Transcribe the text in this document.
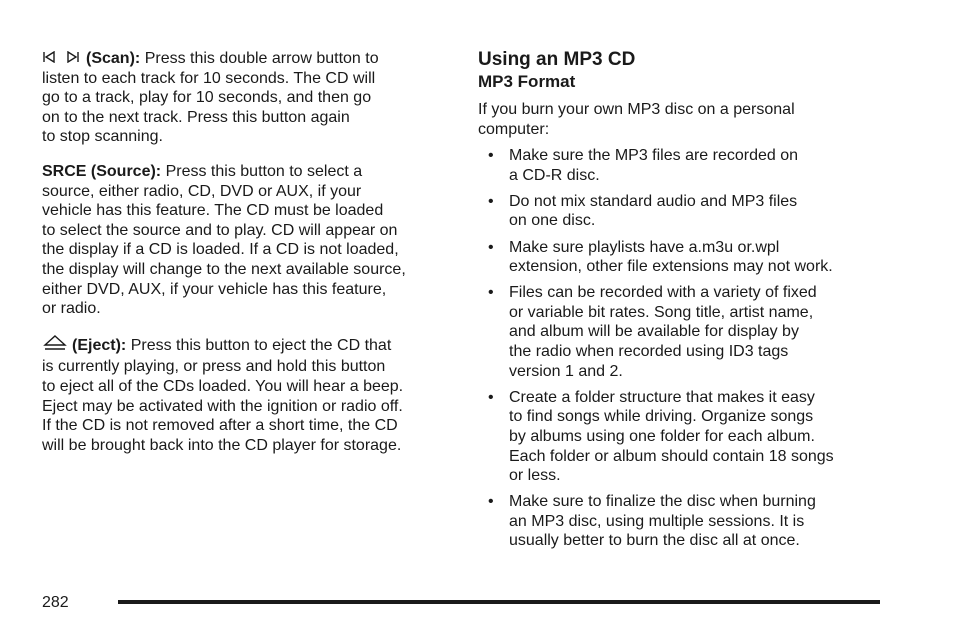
(Scan): Press this double arrow button to
listen to each track for 10 seconds. The CD will
go to a track, play for 10 seconds, and then go
on to the next track. Press this button again
to stop scanning.

SRCE (Source): Press this button to select a
source, either radio, CD, DVD or AUX, if your
vehicle has this feature. The CD must be loaded
to select the source and to play. CD will appear on
the display if a CD is loaded. If a CD is not loaded,
the display will change to the next available source,
either DVD, AUX, if your vehicle has this feature,
or radio.

(Eject): Press this button to eject the CD that
is currently playing, or press and hold this button
to eject all of the CDs loaded. You will hear a beep.
Eject may be activated with the ignition or radio off.
If the CD is not removed after a short time, the CD
will be brought back into the CD player for storage.

Using an MP3 CD
MP3 Format

If you burn your own MP3 disc on a personal
computer:

• Make sure the MP3 files are recorded on
a CD-R disc.
• Do not mix standard audio and MP3 files
on one disc.
• Make sure playlists have a.m3u or.wpl
extension, other file extensions may not work.
• Files can be recorded with a variety of fixed
or variable bit rates. Song title, artist name,
and album will be available for display by
the radio when recorded using ID3 tags
version 1 and 2.
• Create a folder structure that makes it easy
to find songs while driving. Organize songs
by albums using one folder for each album.
Each folder or album should contain 18 songs
or less.
• Make sure to finalize the disc when burning
an MP3 disc, using multiple sessions. It is
usually better to burn the disc all at once.
282
